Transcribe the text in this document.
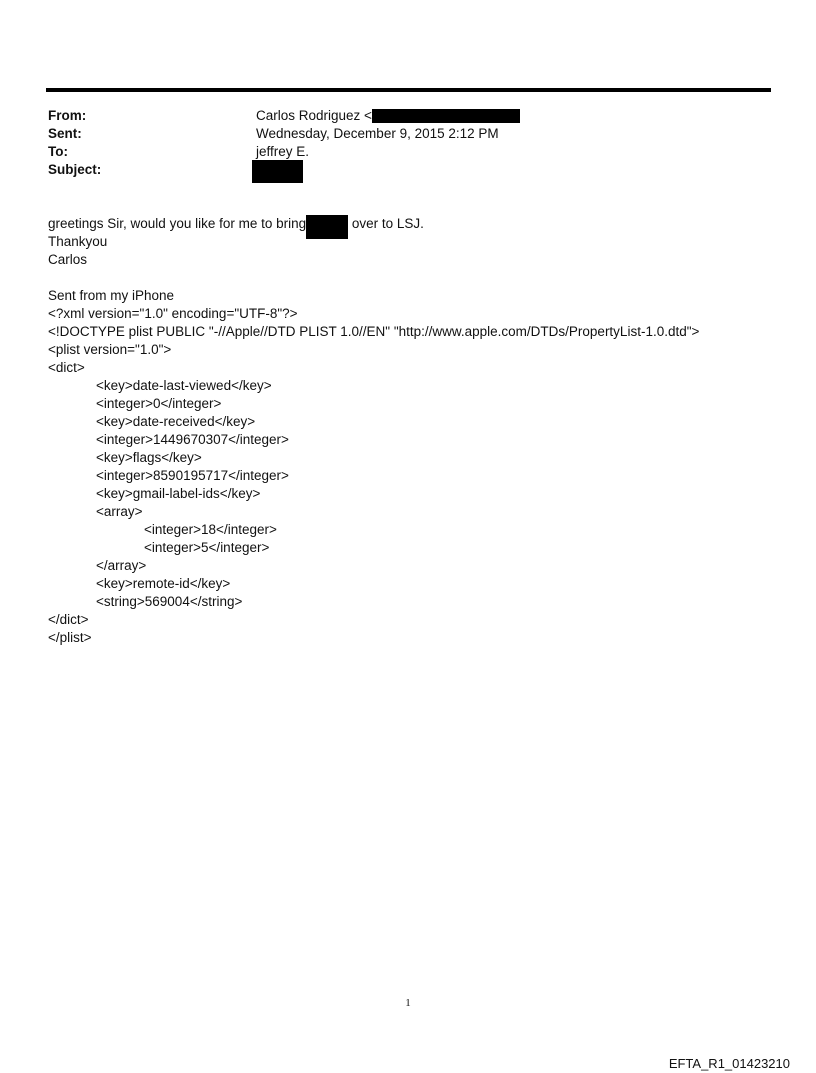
From:	Carlos Rodriguez <
Sent:	Wednesday, December 9, 2015 2:12 PM
To:	jeffrey E.
Subject:
greetings Sir, would you like for me to bring	over to LSJ.
Thankyou
Carlos
Sent from my iPhone
<?xml version="1.0" encoding="UTF-8"?>
<!DOCTYPE plist PUBLIC "-//Apple//DTD PLIST 1.0//EN" "http://www.apple.com/DTDs/PropertyList-1.0.dtd">
<plist version="1.0">
<dict>
<key>date-last-viewed</key>
<integer>0</integer>
<key>date-received</key>
<integer>1449670307</integer>
<key>flags</key>
<integer>8590195717</integer>
<key>gmail-label-ids</key>
<array>
<integer>18</integer>
<integer>5</integer>
</array>
<key>remote-id</key>
<string>569004</string>
</dict>
</plist>
1
EFTA_R1_01423210
